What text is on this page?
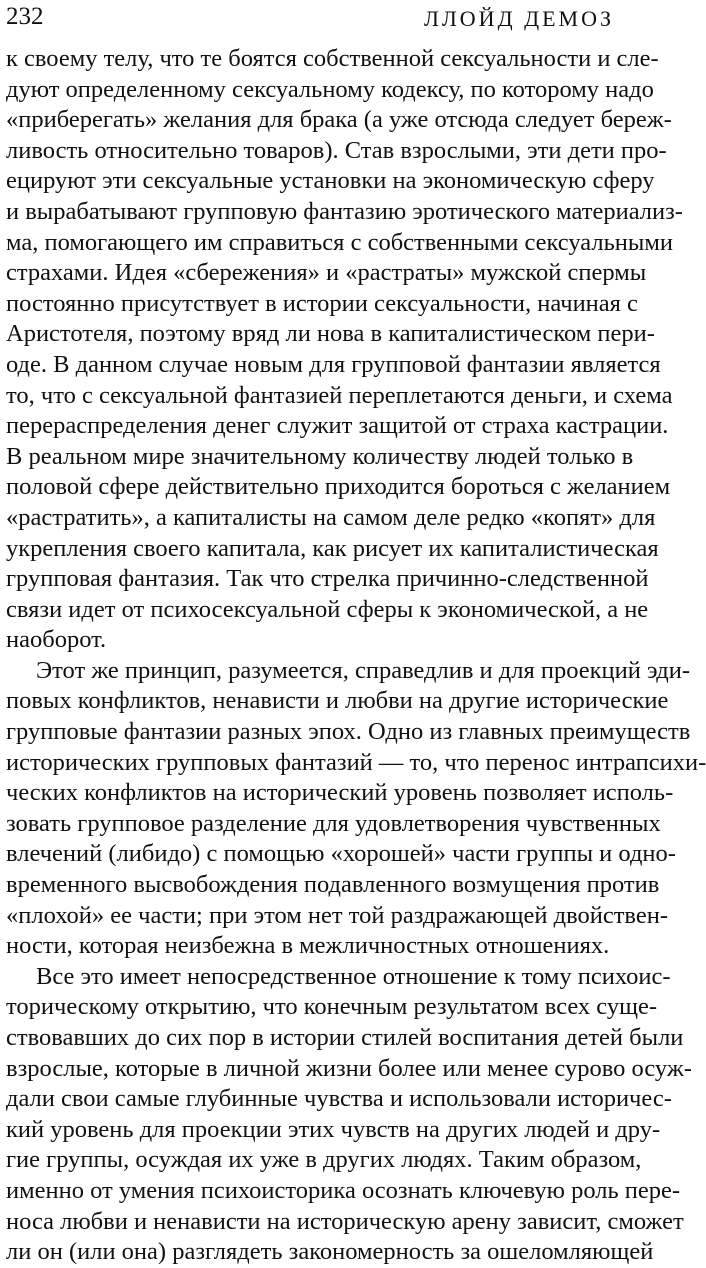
232	ЛЛОЙД ДЕМОЗ
к своему телу, что те боятся собственной сексуальности и сле-
дуют определенному сексуальному кодексу, по которому надо
«приберегать» желания для брака (а уже отсюда следует береж-
ливость относительно товаров). Став взрослыми, эти дети про-
ецируют эти сексуальные установки на экономическую сферу
и вырабатывают групповую фантазию эротического материализ-
ма, помогающего им справиться с собственными сексуальными
страхами. Идея «сбережения» и «растраты» мужской спермы
постоянно присутствует в истории сексуальности, начиная с
Аристотеля, поэтому вряд ли нова в капиталистическом пери-
оде. В данном случае новым для групповой фантазии является
то, что с сексуальной фантазией переплетаются деньги, и схема
перераспределения денег служит защитой от страха кастрации.
В реальном мире значительному количеству людей только в
половой сфере действительно приходится бороться с желанием
«растратить», а капиталисты на самом деле редко «копят» для
укрепления своего капитала, как рисует их капиталистическая
групповая фантазия. Так что стрелка причинно-следственной
связи идет от психосексуальной сферы к экономической, а не
наоборот.
Этот же принцип, разумеется, справедлив и для проекций эди-
повых конфликтов, ненависти и любви на другие исторические
групповые фантазии разных эпох. Одно из главных преимуществ
исторических групповых фантазий — то, что перенос интрапсихи-
ческих конфликтов на исторический уровень позволяет исполь-
зовать групповое разделение для удовлетворения чувственных
влечений (либидо) с помощью «хорошей» части группы и одно-
временного высвобождения подавленного возмущения против
«плохой» ее части; при этом нет той раздражающей двойствен-
ности, которая неизбежна в межличностных отношениях.
Все это имеет непосредственное отношение к тому психоис-
торическому открытию, что конечным результатом всех суще-
ствовавших до сих пор в истории стилей воспитания детей были
взрослые, которые в личной жизни более или менее сурово осуж-
дали свои самые глубинные чувства и использовали историчес-
кий уровень для проекции этих чувств на других людей и дру-
гие группы, осуждая их уже в других людях. Таким образом,
именно от умения психоисторика осознать ключевую роль пере-
носа любви и ненависти на историческую арену зависит, сможет
ли он (или она) разглядеть закономерность за ошеломляющей
